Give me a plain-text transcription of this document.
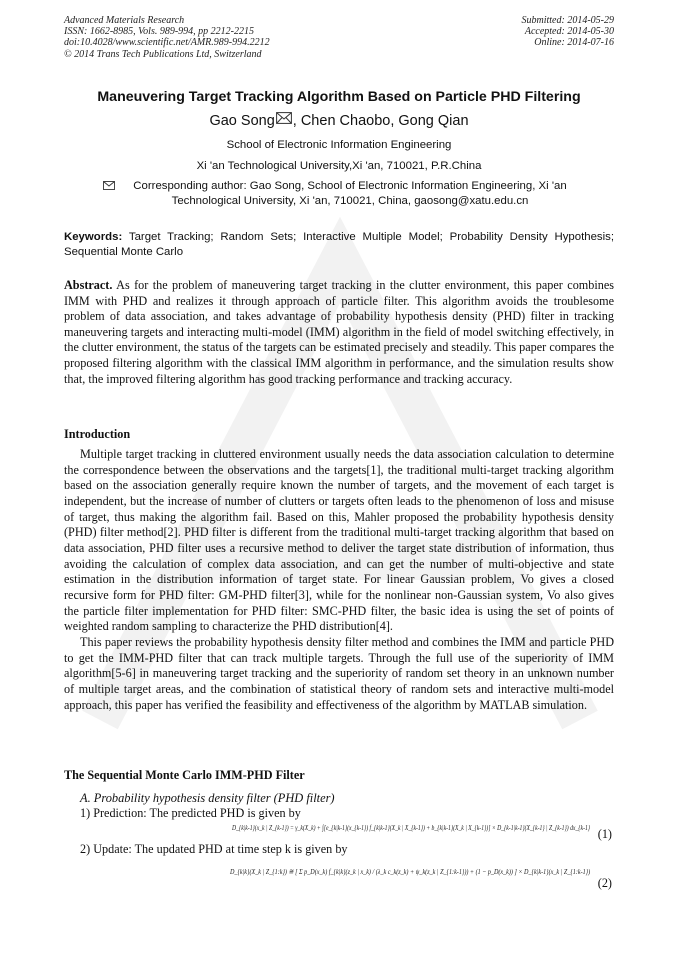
Advanced Materials Research
ISSN: 1662-8985, Vols. 989-994, pp 2212-2215
doi:10.4028/www.scientific.net/AMR.989-994.2212
© 2014 Trans Tech Publications Ltd, Switzerland
Submitted: 2014-05-29
Accepted: 2014-05-30
Online: 2014-07-16
Maneuvering Target Tracking Algorithm Based on Particle PHD Filtering
Gao Song , Chen Chaobo, Gong Qian
School of Electronic Information Engineering
Xi 'an Technological University,Xi 'an, 710021, P.R.China
Corresponding author: Gao Song, School of Electronic Information Engineering, Xi 'an
Technological University, Xi 'an, 710021, China, gaosong@xatu.edu.cn
Keywords: Target Tracking; Random Sets; Interactive Multiple Model; Probability Density Hypothesis; Sequential Monte Carlo
Abstract. As for the problem of maneuvering target tracking in the clutter environment, this paper combines IMM with PHD and realizes it through approach of particle filter. This algorithm avoids the troublesome problem of data association, and takes advantage of probability hypothesis density (PHD) filter in tracking maneuvering targets and interacting multi-model (IMM) algorithm in the field of model switching effectively, in the clutter environment, the status of the targets can be estimated precisely and steadily. This paper compares the proposed filtering algorithm with the classical IMM algorithm in performance, and the simulation results show that, the improved filtering algorithm has good tracking performance and tracking accuracy.
Introduction

Multiple target tracking in cluttered environment usually needs the data association calculation to determine the correspondence between the observations and the targets[1], the traditional multi-target tracking algorithm based on the association generally require known the number of targets, and the movement of each target is independent, but the increase of number of clutters or targets often leads to the phenomenon of loss and misuse of target, thus making the algorithm fail. Based on this, Mahler proposed the probability hypothesis density (PHD) filter method[2]. PHD filter is different from the traditional multi-target tracking algorithm that based on data association, PHD filter uses a recursive method to deliver the target state distribution of information, thus avoiding the calculation of complex data association, and can get the number of multi-objective and state estimation in the distribution information of target state. For linear Gaussian problem, Vo gives a closed recursive form for PHD filter: GM-PHD filter[3], while for the nonlinear non-Gaussian system, Vo also gives the particle filter implementation for PHD filter: SMC-PHD filter, the basic idea is using the set of points of weighted random sampling to characterize the PHD distribution[4].

This paper reviews the probability hypothesis density filter method and combines the IMM and particle PHD to get the IMM-PHD filter that can track multiple targets. Through the full use of the superiority of IMM algorithm[5-6] in maneuvering target tracking and the superiority of random set theory in an unknown number of multiple target areas, and the combination of statistical theory of random sets and interactive multi-model approach, this paper has verified the feasibility and effectiveness of the algorithm by MATLAB simulation.

The Sequential Monte Carlo IMM-PHD Filter
A. Probability hypothesis density filter (PHD filter)
1) Prediction: The predicted PHD is given by
D_{k|k-1}(x_k | Z_{k-1}) = γ_k(X_k) + ∫[e_{k|k-1}(x_{k-1}) f_{k|k-1}(X_k | X_{k-1}) + b_{k|k-1}(X_k | X_{k-1})] × D_{k-1|k-1}(X_{k-1} | Z_{k-1}) dx_{k-1} (1)
2) Update: The updated PHD at time step k is given by
D_{k|k}(X_k | Z_{1:k}) ≅ [ Σ p_D(x_k) f_{k|k}(z_k | x_k) / (λ_k c_k(z_k) + ψ_k(z_k | Z_{1:k-1})) + (1 − p_D(x_k)) ] × D_{k|k-1}(x_k | Z_{1:k-1})
(2)
